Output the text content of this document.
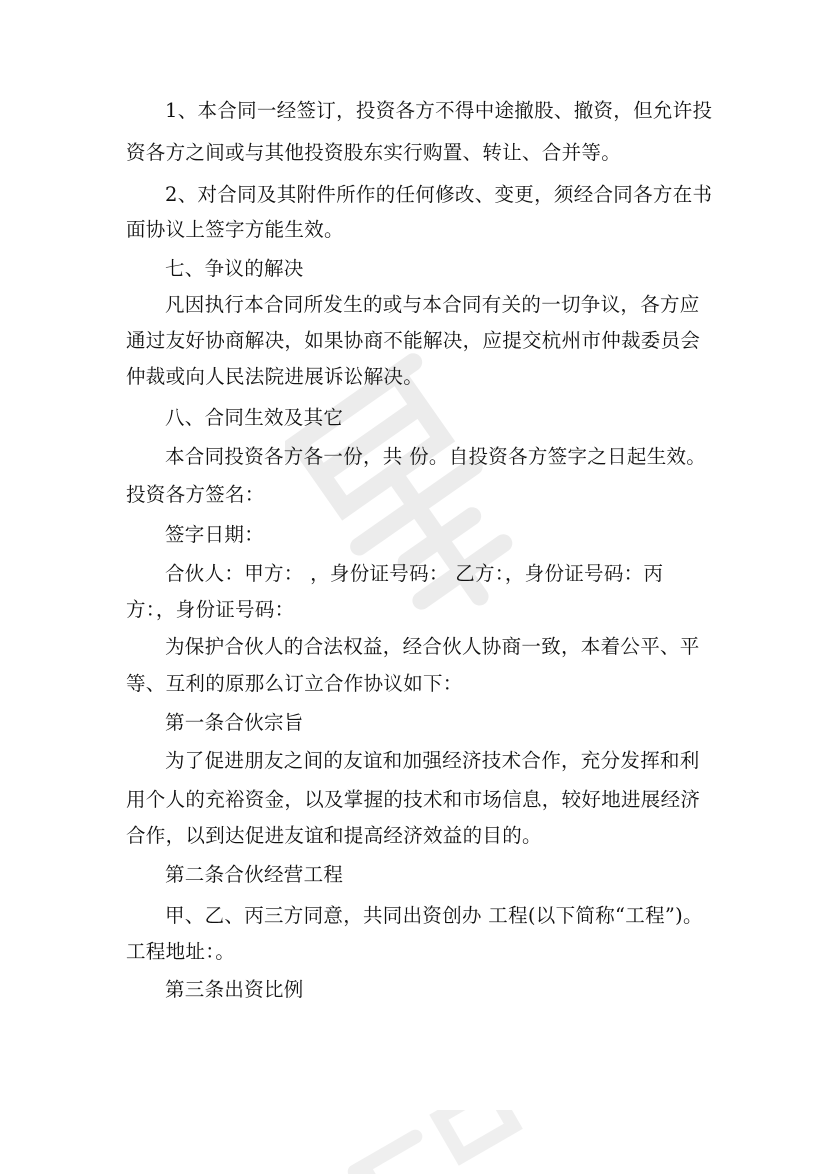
1、本合同一经签订，投资各方不得中途撤股、撤资，但允许投
资各方之间或与其他投资股东实行购置、转让、合并等。
2、对合同及其附件所作的任何修改、变更，须经合同各方在书
面协议上签字方能生效。
七、争议的解决
凡因执行本合同所发生的或与本合同有关的一切争议，各方应
通过友好协商解决，如果协商不能解决，应提交杭州市仲裁委员会
仲裁或向人民法院进展诉讼解决。
八、合同生效及其它
本合同投资各方各一份，共 份。自投资各方签字之日起生效。
投资各方签名：
签字日期：
合伙人：甲方： ，身份证号码： 乙方：，身份证号码：丙
方：，身份证号码：
为保护合伙人的合法权益，经合伙人协商一致，本着公平、平
等、互利的原那么订立合作协议如下：
第一条合伙宗旨
为了促进朋友之间的友谊和加强经济技术合作，充分发挥和利
用个人的充裕资金，以及掌握的技术和市场信息，较好地进展经济
合作，以到达促进友谊和提高经济效益的目的。
第二条合伙经营工程
甲、乙、丙三方同意，共同出资创办 工程(以下简称“工程”)。
工程地址：。
第三条出资比例
